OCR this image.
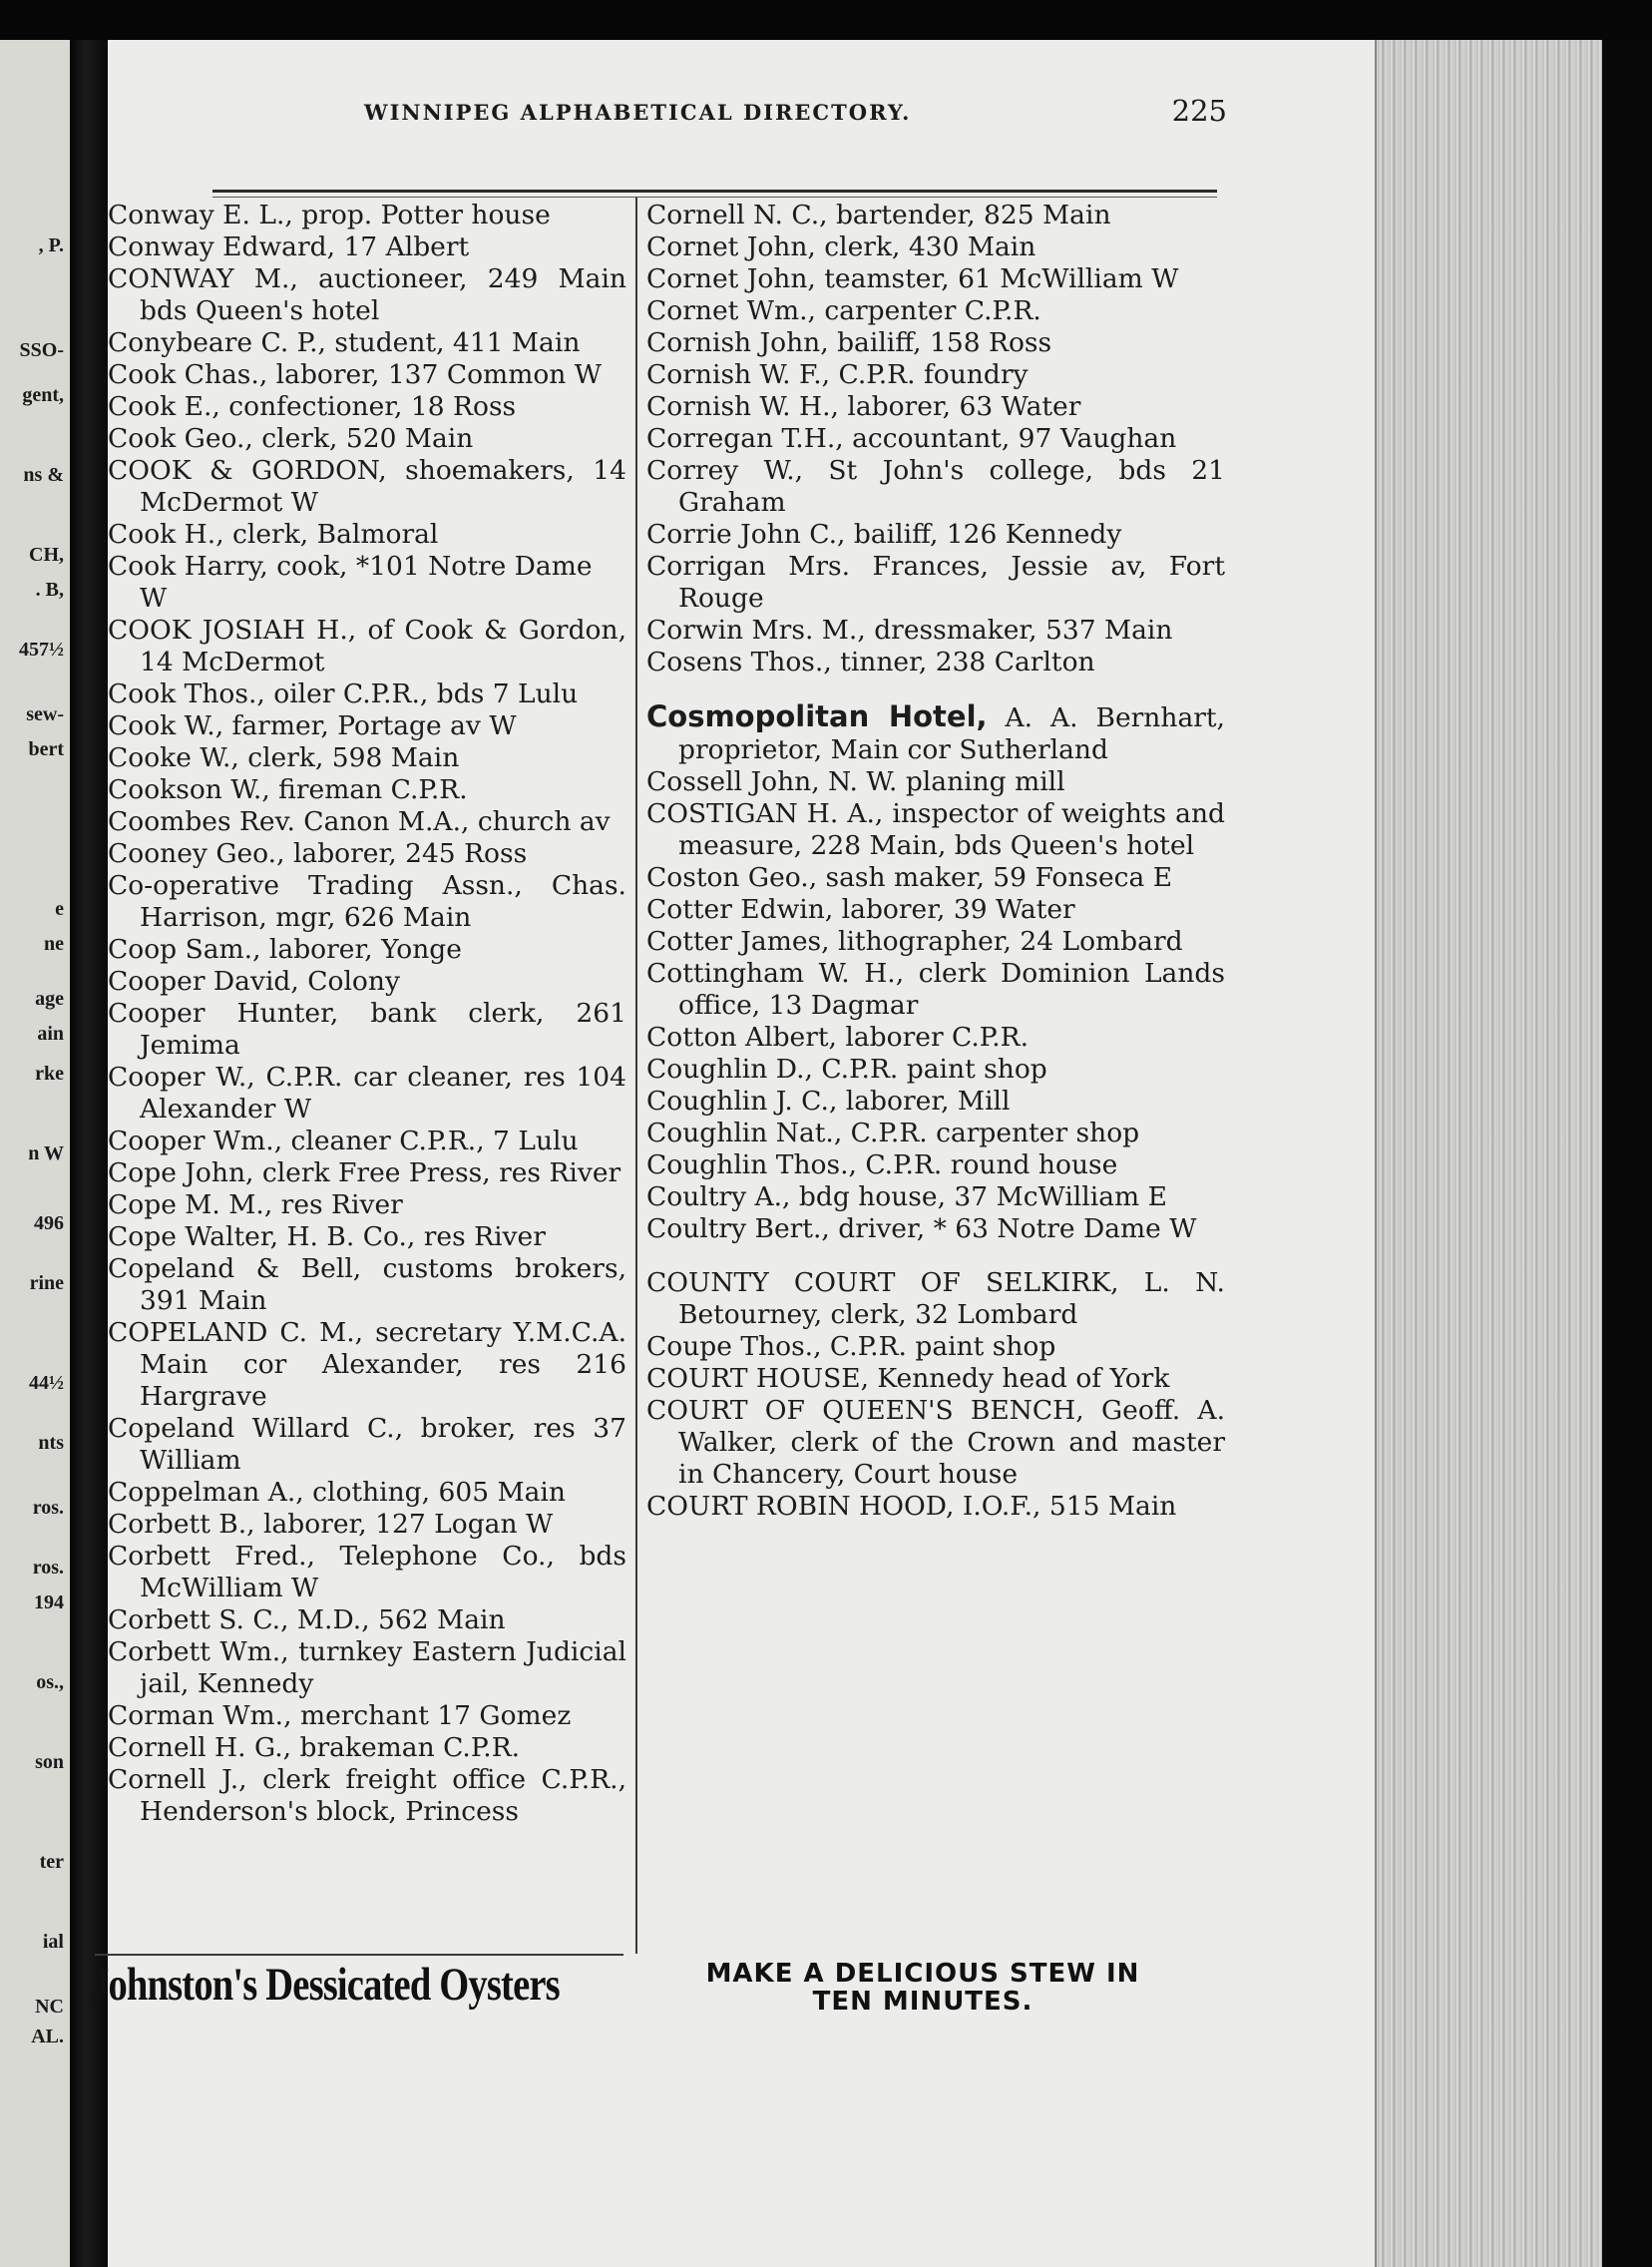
, P.
SSO-
gent,
ns &
CH,
. B,
457½
sew-
bert
e
ne
age
ain
rke
n W
496
rine
44½
nts
ros.
ros.
194
os.,
son
ter
ial
NC
AL.
WINNIPEG ALPHABETICAL DIRECTORY.	225

Conway E. L., prop. Potter house

Conway Edward, 17 Albert

CONWAY M., auctioneer, 249 Main bds Queen's hotel

Conybeare C. P., student, 411 Main

Cook Chas., laborer, 137 Common W

Cook E., confectioner, 18 Ross

Cook Geo., clerk, 520 Main

COOK & GORDON, shoemakers, 14 McDermot W

Cook H., clerk, Balmoral

Cook Harry, cook, *101 Notre Dame W

COOK JOSIAH H., of Cook & Gordon, 14 McDermot

Cook Thos., oiler C.P.R., bds 7 Lulu

Cook W., farmer, Portage av W

Cooke W., clerk, 598 Main

Cookson W., fireman C.P.R.

Coombes Rev. Canon M.A., church av

Cooney Geo., laborer, 245 Ross

Co-operative Trading Assn., Chas. Harrison, mgr, 626 Main

Coop Sam., laborer, Yonge

Cooper David, Colony

Cooper Hunter, bank clerk, 261 Jemima

Cooper W., C.P.R. car cleaner, res 104 Alexander W

Cooper Wm., cleaner C.P.R., 7 Lulu

Cope John, clerk Free Press, res River

Cope M. M., res River

Cope Walter, H. B. Co., res River

Copeland & Bell, customs brokers, 391 Main

COPELAND C. M., secretary Y.M.C.A. Main cor Alexander, res 216 Hargrave

Copeland Willard C., broker, res 37 William

Coppelman A., clothing, 605 Main

Corbett B., laborer, 127 Logan W

Corbett Fred., Telephone Co., bds McWilliam W

Corbett S. C., M.D., 562 Main

Corbett Wm., turnkey Eastern Judicial jail, Kennedy

Corman Wm., merchant 17 Gomez

Cornell H. G., brakeman C.P.R.

Cornell J., clerk freight office C.P.R., Henderson's block, Princess

Cornell N. C., bartender, 825 Main

Cornet John, clerk, 430 Main

Cornet John, teamster, 61 McWilliam W

Cornet Wm., carpenter C.P.R.

Cornish John, bailiff, 158 Ross

Cornish W. F., C.P.R. foundry

Cornish W. H., laborer, 63 Water

Corregan T.H., accountant, 97 Vaughan

Correy W., St John's college, bds 21 Graham

Corrie John C., bailiff, 126 Kennedy

Corrigan Mrs. Frances, Jessie av, Fort Rouge

Corwin Mrs. M., dressmaker, 537 Main

Cosens Thos., tinner, 238 Carlton

Cosmopolitan Hotel, A. A. Bernhart, proprietor, Main cor Sutherland

Cossell John, N. W. planing mill

COSTIGAN H. A., inspector of weights and measure, 228 Main, bds Queen's hotel

Coston Geo., sash maker, 59 Fonseca E

Cotter Edwin, laborer, 39 Water

Cotter James, lithographer, 24 Lombard

Cottingham W. H., clerk Dominion Lands office, 13 Dagmar

Cotton Albert, laborer C.P.R.

Coughlin D., C.P.R. paint shop

Coughlin J. C., laborer, Mill

Coughlin Nat., C.P.R. carpenter shop

Coughlin Thos., C.P.R. round house

Coultry A., bdg house, 37 McWilliam E

Coultry Bert., driver, * 63 Notre Dame W

COUNTY COURT OF SELKIRK, L. N. Betourney, clerk, 32 Lombard

Coupe Thos., C.P.R. paint shop

COURT HOUSE, Kennedy head of York

COURT OF QUEEN'S BENCH, Geoff. A. Walker, clerk of the Crown and master in Chancery, Court house

COURT ROBIN HOOD, I.O.F., 515 Main

Johnston's Dessicated Oysters	MAKE A DELICIOUS STEW IN
TEN MINUTES.
